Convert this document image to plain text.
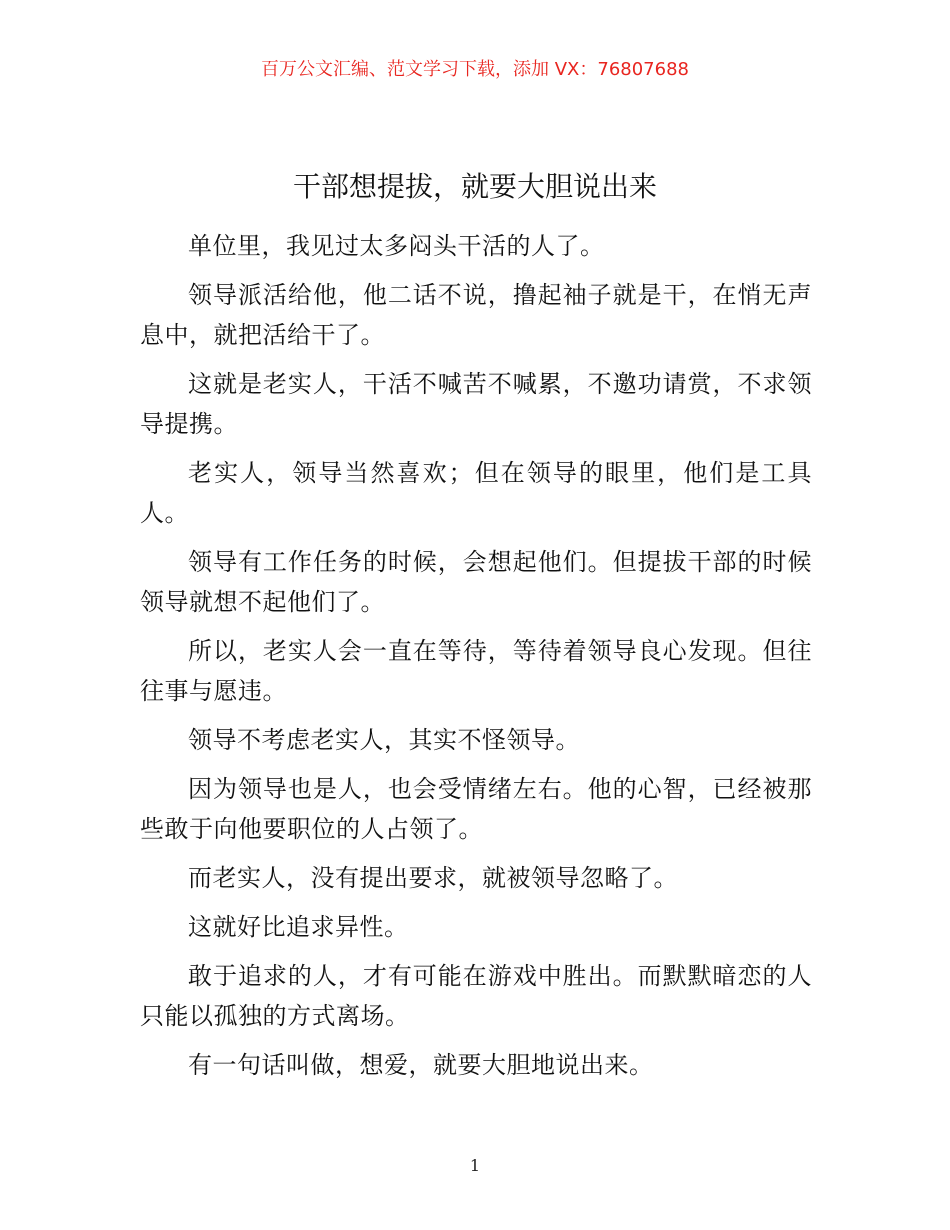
百万公文汇编、范文学习下载，添加 VX：76807688
干部想提拔，就要大胆说出来

单位里，我见过太多闷头干活的人了。

领导派活给他，他二话不说，撸起袖子就是干，在悄无声息中，就把活给干了。

这就是老实人，干活不喊苦不喊累，不邀功请赏，不求领导提携。

老实人，领导当然喜欢；但在领导的眼里，他们是工具人。

领导有工作任务的时候，会想起他们。但提拔干部的时候领导就想不起他们了。

所以，老实人会一直在等待，等待着领导良心发现。但往往事与愿违。

领导不考虑老实人，其实不怪领导。

因为领导也是人，也会受情绪左右。他的心智，已经被那些敢于向他要职位的人占领了。

而老实人，没有提出要求，就被领导忽略了。

这就好比追求异性。

敢于追求的人，才有可能在游戏中胜出。而默默暗恋的人只能以孤独的方式离场。

有一句话叫做，想爱，就要大胆地说出来。

1
